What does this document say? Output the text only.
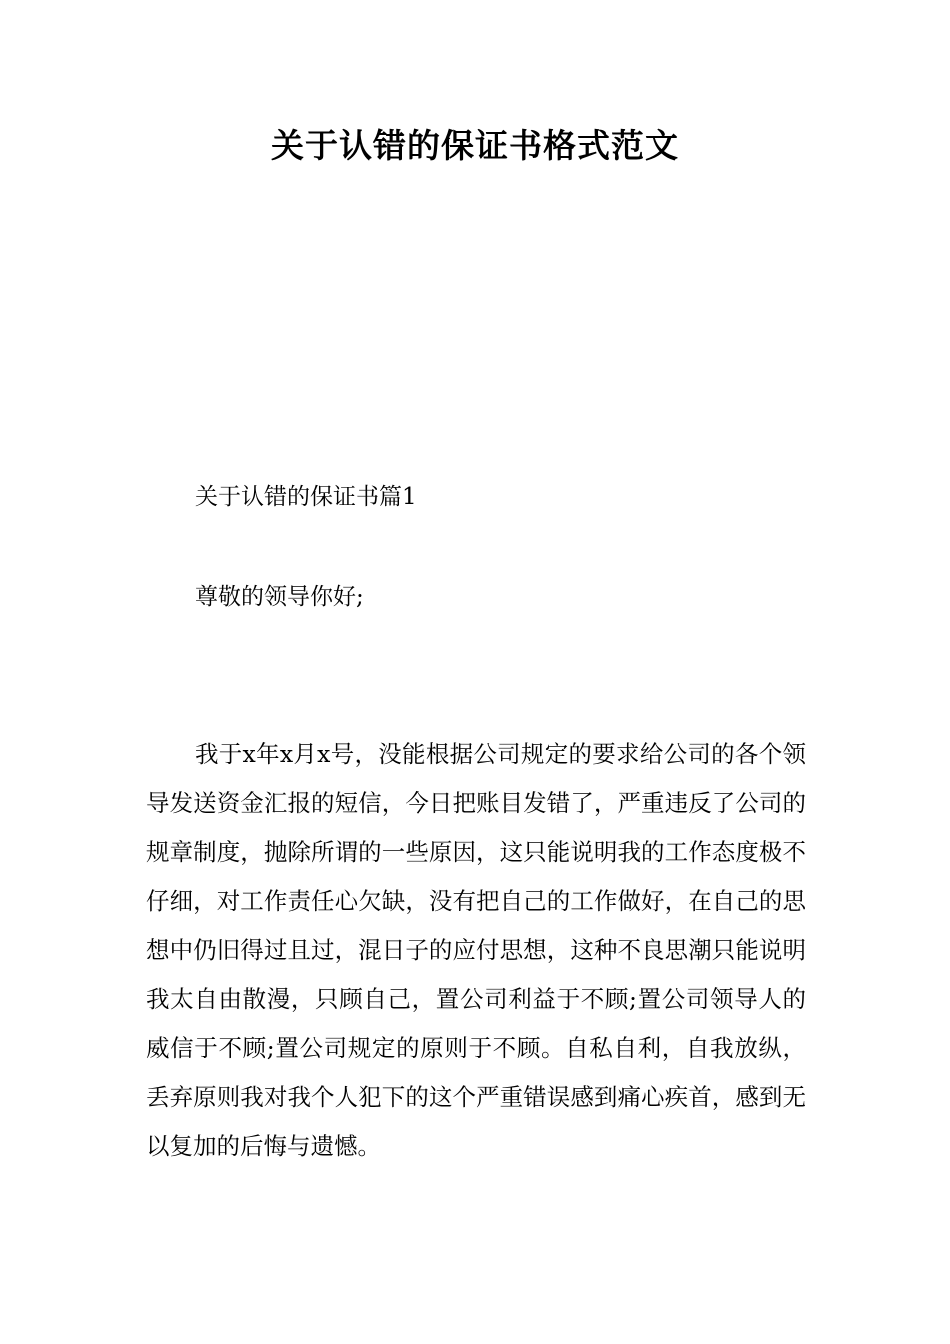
关于认错的保证书格式范文
关于认错的保证书篇1
尊敬的领导你好;

我于x年x月x号，没能根据公司规定的要求给公司的各个领导发送资金汇报的短信，今日把账目发错了，严重违反了公司的规章制度，抛除所谓的一些原因，这只能说明我的工作态度极不仔细，对工作责任心欠缺，没有把自己的工作做好，在自己的思想中仍旧得过且过，混日子的应付思想，这种不良思潮只能说明我太自由散漫，只顾自己，置公司利益于不顾;置公司领导人的威信于不顾;置公司规定的原则于不顾。自私自利，自我放纵，丢弃原则我对我个人犯下的这个严重错误感到痛心疾首，感到无以复加的后悔与遗憾。
